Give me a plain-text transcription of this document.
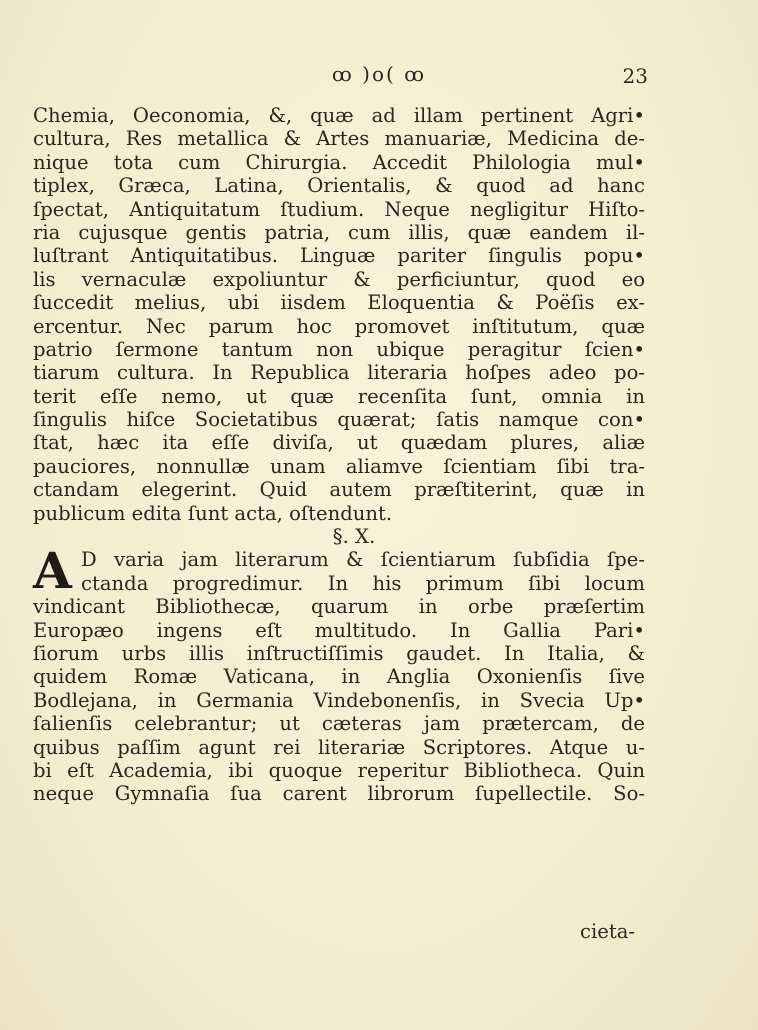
ꝏ )o( ꝏ	23
Chemia, Oeconomia, &, quæ ad illam pertinent Agri•
cultura, Res metallica & Artes manuariæ, Medicina de-
nique tota cum Chirurgia. Accedit Philologia mul•
tiplex, Græca, Latina, Orientalis, & quod ad hanc
ſpectat, Antiquitatum ſtudium. Neque negligitur Hiſto-
ria cujusque gentis patria, cum illis, quæ eandem il-
luſtrant Antiquitatibus. Linguæ pariter ſingulis popu•
lis vernaculæ expoliuntur & perficiuntur, quod eo
ſuccedit melius, ubi iisdem Eloquentia & Poëſis ex-
ercentur. Nec parum hoc promovet inſtitutum, quæ
patrio ſermone tantum non ubique peragitur ſcien•
tiarum cultura. In Republica literaria hoſpes adeo po-
terit eſſe nemo, ut quæ recenſita ſunt, omnia in
ſingulis hiſce Societatibus quærat; ſatis namque con•
ſtat, hæc ita eſſe diviſa, ut quædam plures, aliæ
pauciores, nonnullæ unam aliamve ſcientiam ſibi tra-
ctandam elegerint. Quid autem præſtiterint, quæ in
publicum edita ſunt acta, oſtendunt.
§. X.
A D varia jam literarum & ſcientiarum ſubſidia ſpe-
ctanda progredimur. In his primum ſibi locum
vindicant Bibliothecæ, quarum in orbe præſertim
Europæo ingens eſt multitudo. In Gallia Pari•
ſiorum urbs illis inſtructiſſimis gaudet. In Italia, &
quidem Romæ Vaticana, in Anglia Oxonienſis ſive
Bodlejana, in Germania Vindebonenſis, in Svecia Up•
ſalienſis celebrantur; ut cæteras jam prætercam, de
quibus paſſim agunt rei literariæ Scriptores. Atque u-
bi eſt Academia, ibi quoque reperitur Bibliotheca. Quin
neque Gymnaſia ſua carent librorum ſupellectile. So-
cieta-
